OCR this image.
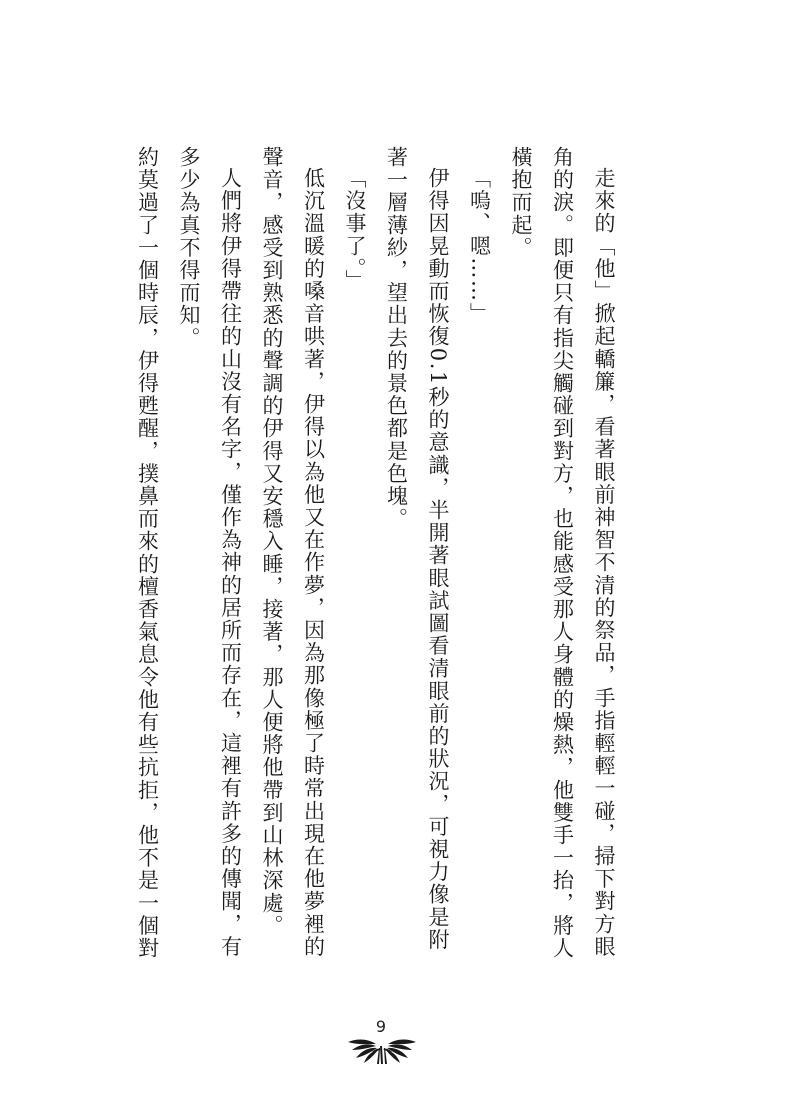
走來的「他」掀起轎簾，看著眼前神智不清的祭品，手指輕輕一碰，掃下對方眼角的淚。即便只有指尖觸碰到對方，也能感受那人身體的燥熱，他雙手一抬，將人橫抱而起。

「嗚、嗯……」

伊得因晃動而恢復0.1秒的意識，半開著眼試圖看清眼前的狀況，可視力像是附著一層薄紗，望出去的景色都是色塊。

「沒事了。」

低沉溫暖的嗓音哄著，伊得以為他又在作夢，因為那像極了時常出現在他夢裡的聲音，感受到熟悉的聲調的伊得又安穩入睡，接著，那人便將他帶到山林深處。

人們將伊得帶往的山沒有名字，僅作為神的居所而存在，這裡有許多的傳聞，有多少為真不得而知。

約莫過了一個時辰，伊得甦醒，撲鼻而來的檀香氣息令他有些抗拒，他不是一個對

9
